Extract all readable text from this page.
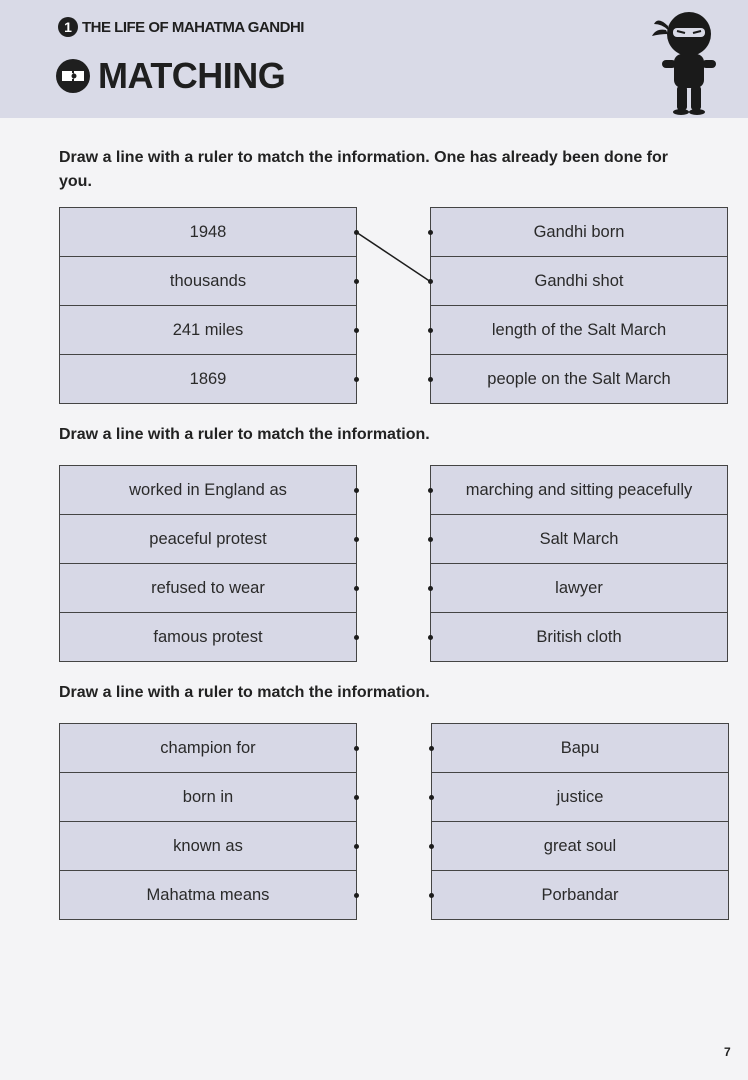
1 THE LIFE OF MAHATMA GANDHI
MATCHING
Draw a line with a ruler to match the information. One has already been done for you.
1948
thousands
241 miles
1869
Gandhi born
Gandhi shot
length of the Salt March
people on the Salt March
Draw a line with a ruler to match the information.
worked in England as
peaceful protest
refused to wear
famous protest
marching and sitting peacefully
Salt March
lawyer
British cloth
Draw a line with a ruler to match the information.
champion for
born in
known as
Mahatma means
Bapu
justice
great soul
Porbandar
7
